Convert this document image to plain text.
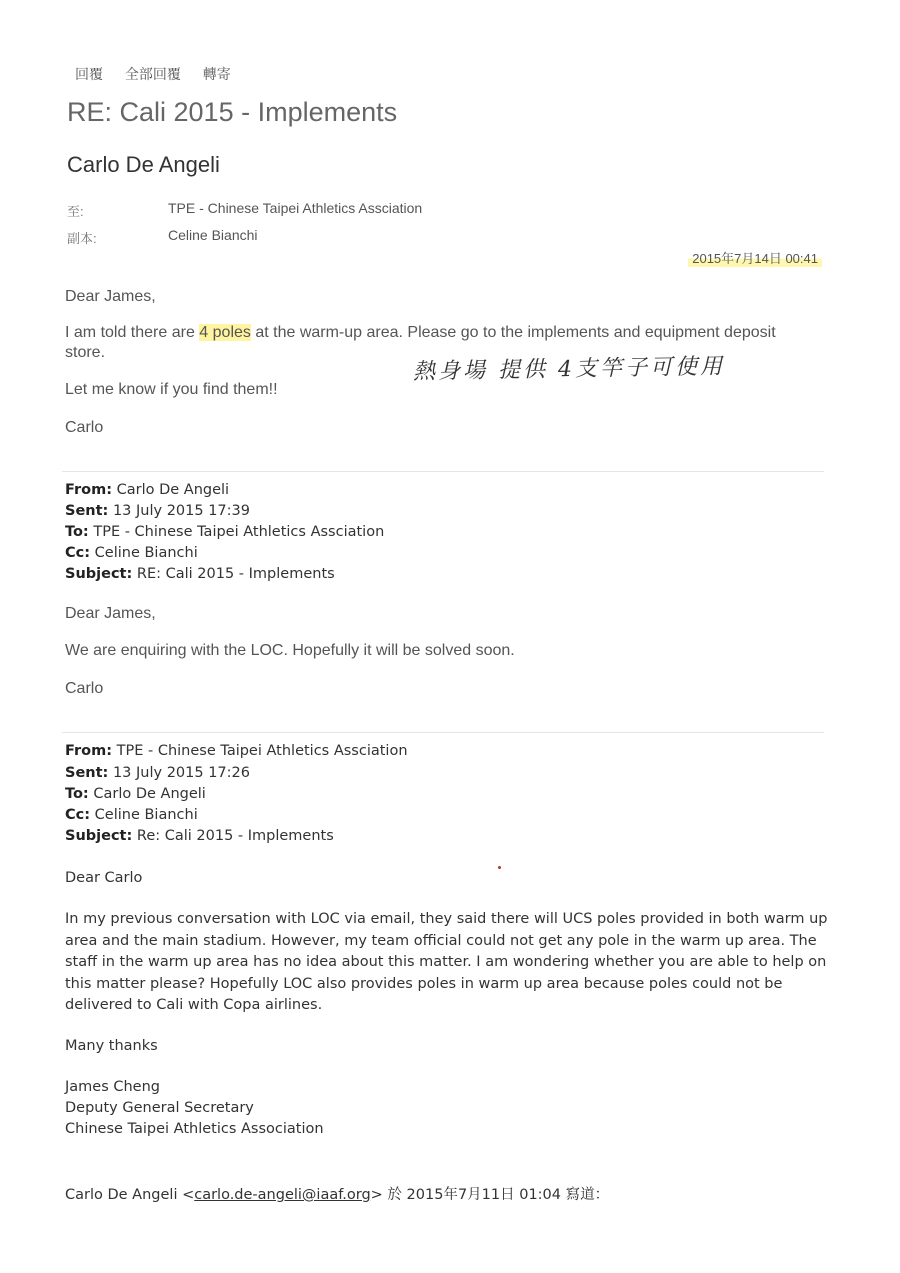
回覆 全部回覆 轉寄
RE: Cali 2015 - Implements
Carlo De Angeli
至:	TPE - Chinese Taipei Athletics Assciation
副本:	Celine Bianchi
2015年7月14日 00:41
Dear James,
I am told there are 4 poles at the warm-up area. Please go to the implements and equipment deposit
store.
Let me know if you find them!!
Carlo
熱身場 提供 4支竿子可使用
From: Carlo De Angeli
Sent: 13 July 2015 17:39
To: TPE - Chinese Taipei Athletics Assciation
Cc: Celine Bianchi
Subject: RE: Cali 2015 - Implements
Dear James,
We are enquiring with the LOC. Hopefully it will be solved soon.
Carlo
From: TPE - Chinese Taipei Athletics Assciation
Sent: 13 July 2015 17:26
To: Carlo De Angeli
Cc: Celine Bianchi
Subject: Re: Cali 2015 - Implements
Dear Carlo
In my previous conversation with LOC via email, they said there will UCS poles provided in both warm up area and the main stadium. However, my team official could not get any pole in the warm up area. The staff in the warm up area has no idea about this matter. I am wondering whether you are able to help on this matter please? Hopefully LOC also provides poles in warm up area because poles could not be delivered to Cali with Copa airlines.
Many thanks
James Cheng
Deputy General Secretary
Chinese Taipei Athletics Association
Carlo De Angeli <carlo.de-angeli@iaaf.org> 於 2015年7月11日 01:04 寫道：
